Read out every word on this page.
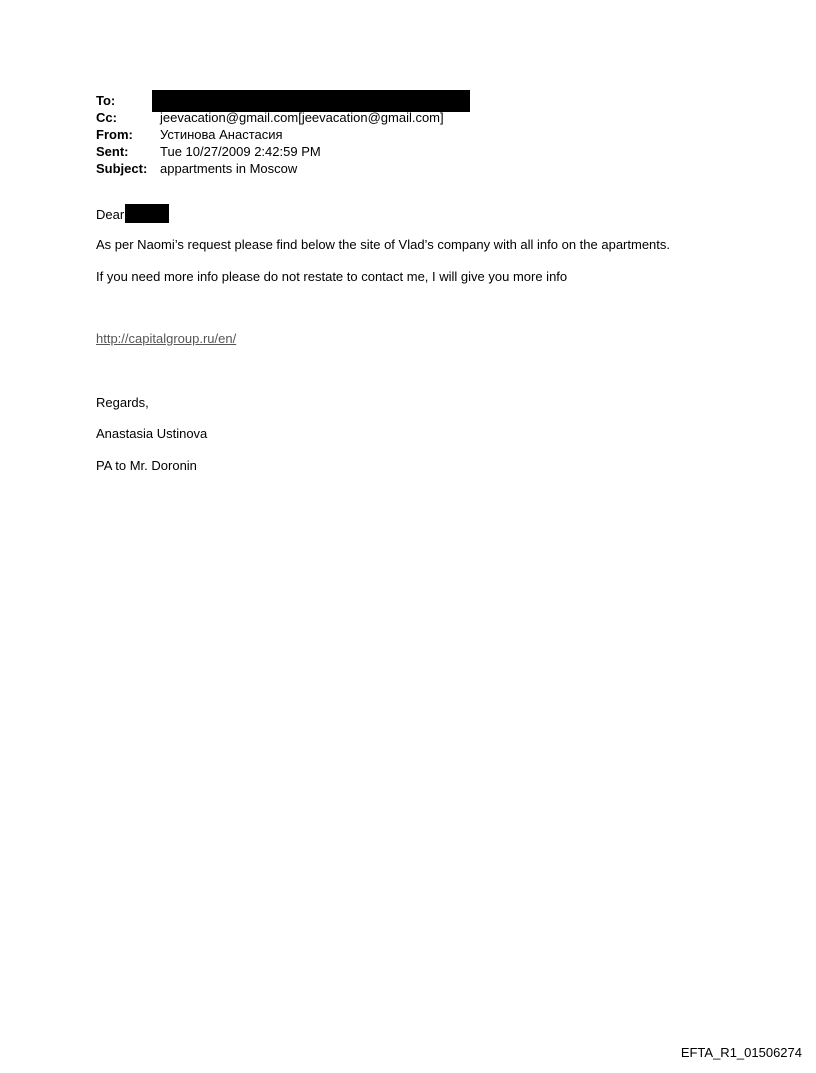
To:
Cc:	jeevacation@gmail.com[jeevacation@gmail.com]
From: Устинова Анастасия
Sent: Tue 10/27/2009 2:42:59 PM
Subject: appartments in Moscow
Dear
As per Naomi’s request please find below the site of Vlad’s company with all info on the apartments.
If you need more info please do not restate to contact me, I will give you more info
http://capitalgroup.ru/en/
Regards,
Anastasia Ustinova
PA to Mr. Doronin
EFTA_R1_01506274
